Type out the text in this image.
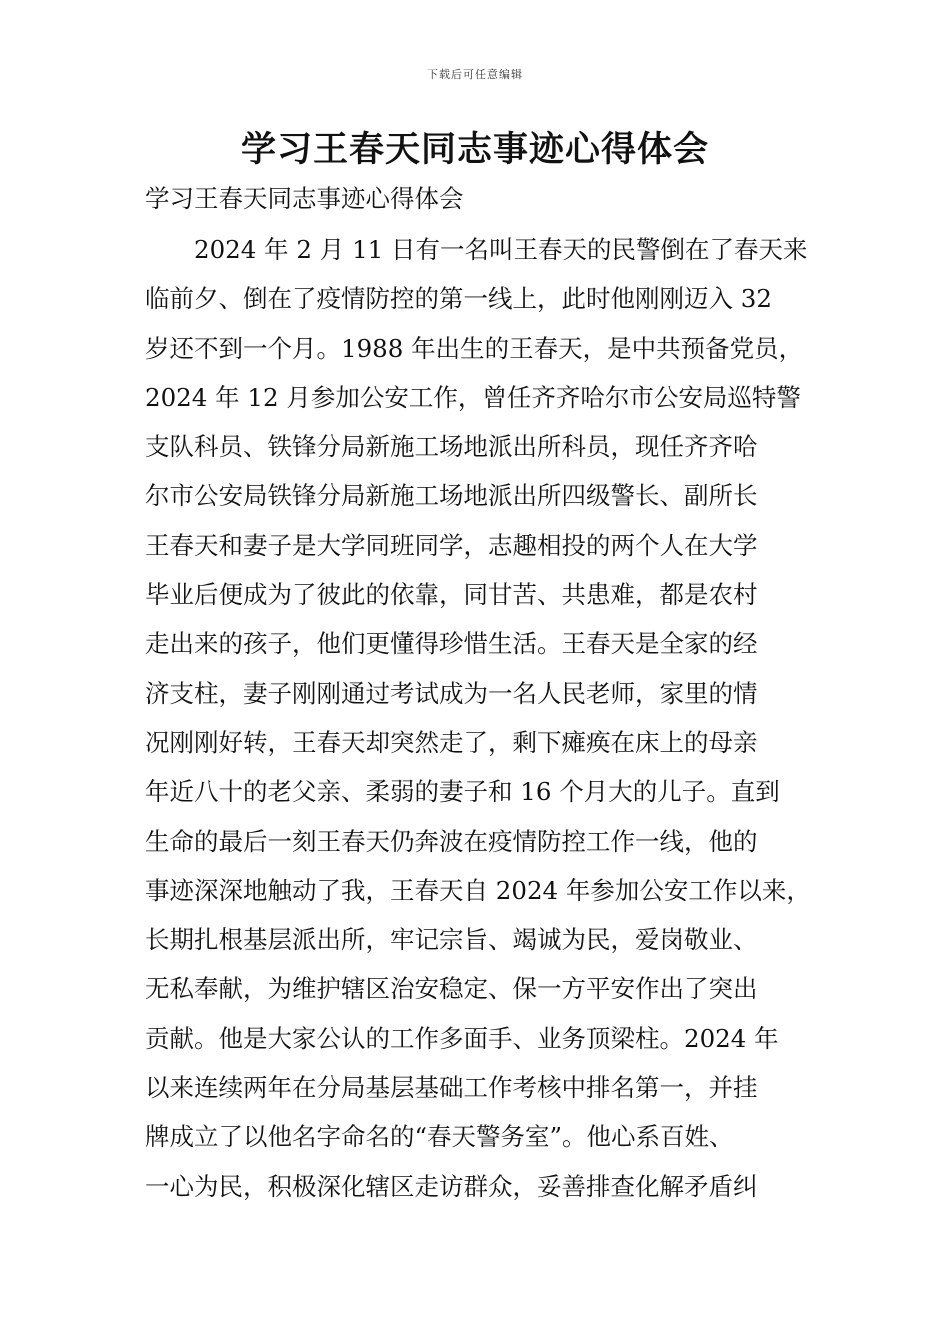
下载后可任意编辑
学习王春天同志事迹心得体会
学习王春天同志事迹心得体会
2024 年 2 月 11 日有一名叫王春天的民警倒在了春天来
临前夕、倒在了疫情防控的第一线上，此时他刚刚迈入 32
岁还不到一个月。1988 年出生的王春天，是中共预备党员，
2024 年 12 月参加公安工作，曾任齐齐哈尔市公安局巡特警
支队科员、铁锋分局新施工场地派出所科员，现任齐齐哈
尔市公安局铁锋分局新施工场地派出所四级警长、副所长
王春天和妻子是大学同班同学，志趣相投的两个人在大学
毕业后便成为了彼此的依靠，同甘苦、共患难，都是农村
走出来的孩子，他们更懂得珍惜生活。王春天是全家的经
济支柱，妻子刚刚通过考试成为一名人民老师，家里的情
况刚刚好转，王春天却突然走了，剩下瘫痪在床上的母亲
年近八十的老父亲、柔弱的妻子和 16 个月大的儿子。直到
生命的最后一刻王春天仍奔波在疫情防控工作一线，他的
事迹深深地触动了我，王春天自 2024 年参加公安工作以来，
长期扎根基层派出所，牢记宗旨、竭诚为民，爱岗敬业、
无私奉献，为维护辖区治安稳定、保一方平安作出了突出
贡献。他是大家公认的工作多面手、业务顶梁柱。2024 年
以来连续两年在分局基层基础工作考核中排名第一，并挂
牌成立了以他名字命名的“春天警务室”。他心系百姓、
一心为民，积极深化辖区走访群众，妥善排查化解矛盾纠
